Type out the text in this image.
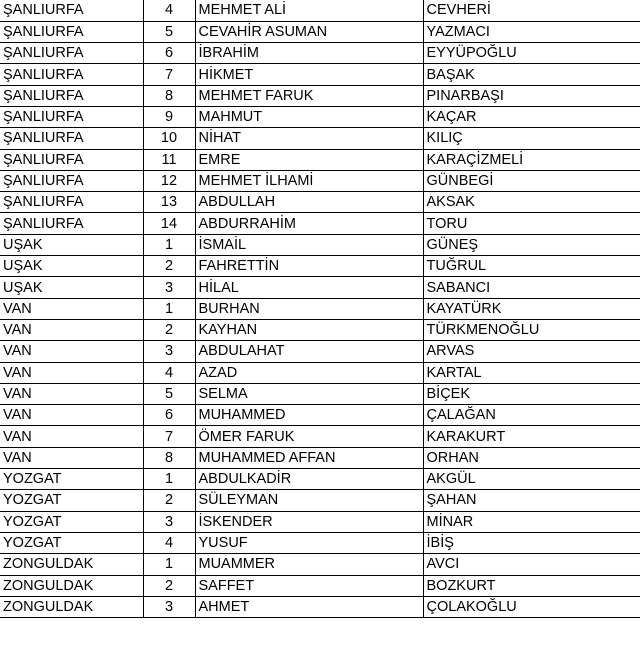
ŞANLIURFA	4	MEHMET ALİ	CEVHERİ
ŞANLIURFA	5	CEVAHİR ASUMAN	YAZMACI
ŞANLIURFA	6	İBRAHİM	EYYÜPOĞLU
ŞANLIURFA	7	HİKMET	BAŞAK
ŞANLIURFA	8	MEHMET FARUK	PINARBAŞI
ŞANLIURFA	9	MAHMUT	KAÇAR
ŞANLIURFA	10	NİHAT	KILIÇ
ŞANLIURFA	11	EMRE	KARAÇİZMELİ
ŞANLIURFA	12	MEHMET İLHAMİ	GÜNBEGİ
ŞANLIURFA	13	ABDULLAH	AKSAK
ŞANLIURFA	14	ABDURRAHİM	TORU
UŞAK	1	İSMAİL	GÜNEŞ
UŞAK	2	FAHRETTİN	TUĞRUL
UŞAK	3	HİLAL	SABANCI
VAN	1	BURHAN	KAYATÜRK
VAN	2	KAYHAN	TÜRKMENOĞLU
VAN	3	ABDULAHAT	ARVAS
VAN	4	AZAD	KARTAL
VAN	5	SELMA	BİÇEK
VAN	6	MUHAMMED	ÇALAĞAN
VAN	7	ÖMER FARUK	KARAKURT
VAN	8	MUHAMMED AFFAN	ORHAN
YOZGAT	1	ABDULKADİR	AKGÜL
YOZGAT	2	SÜLEYMAN	ŞAHAN
YOZGAT	3	İSKENDER	MİNAR
YOZGAT	4	YUSUF	İBİŞ
ZONGULDAK	1	MUAMMER	AVCI
ZONGULDAK	2	SAFFET	BOZKURT
ZONGULDAK	3	AHMET	ÇOLAKOĞLU
